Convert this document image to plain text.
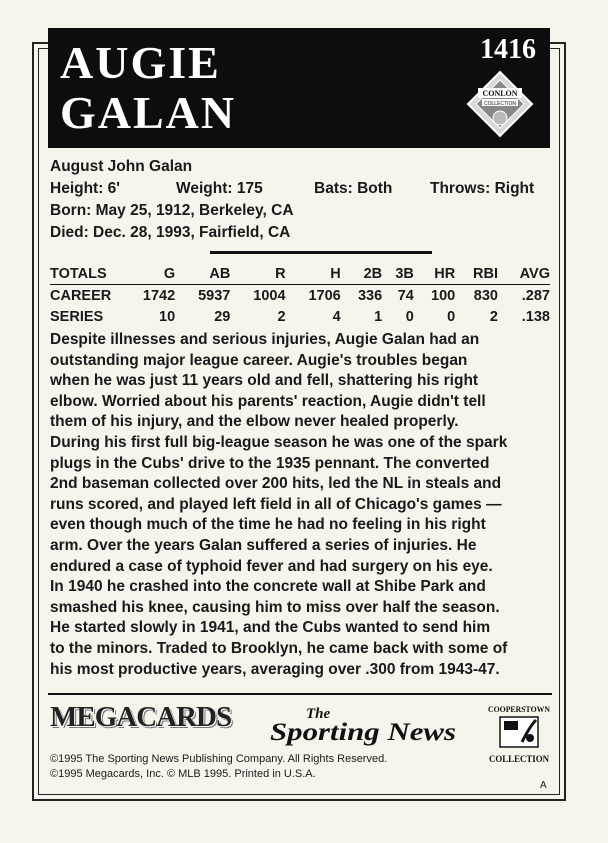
AUGIE
GALAN
1416
CONLON
COLLECTION
August John Galan
Height: 6'	Weight: 175	Bats: Both Throws: Right
Born: May 25, 1912, Berkeley, CA
Died: Dec. 28, 1993, Fairfield, CA
TOTALS	G	AB	R	H	2B	3B	HR	RBI	AVG
CAREER	1742	5937	1004	1706	336	74	100	830	.287
SERIES	10	29	2	4	1	0	0	2	.138
Despite illnesses and serious injuries, Augie Galan had an
outstanding major league career. Augie's troubles began
when he was just 11 years old and fell, shattering his right
elbow. Worried about his parents' reaction, Augie didn't tell
them of his injury, and the elbow never healed properly.
During his first full big-league season he was one of the spark
plugs in the Cubs' drive to the 1935 pennant. The converted
2nd baseman collected over 200 hits, led the NL in steals and
runs scored, and played left field in all of Chicago's games —
even though much of the time he had no feeling in his right
arm. Over the years Galan suffered a series of injuries. He
endured a case of typhoid fever and had surgery on his eye.
In 1940 he crashed into the concrete wall at Shibe Park and
smashed his knee, causing him to miss over half the season.
He started slowly in 1941, and the Cubs wanted to send him
to the minors. Traded to Brooklyn, he came back with some of
his most productive years, averaging over .300 from 1943-47.
MEGACARDS	The
Sporting News
COOPERSTOWN
COLLECTION
©1995 The Sporting News Publishing Company. All Rights Reserved.
©1995 Megacards, Inc. © MLB 1995. Printed in U.S.A.
A
